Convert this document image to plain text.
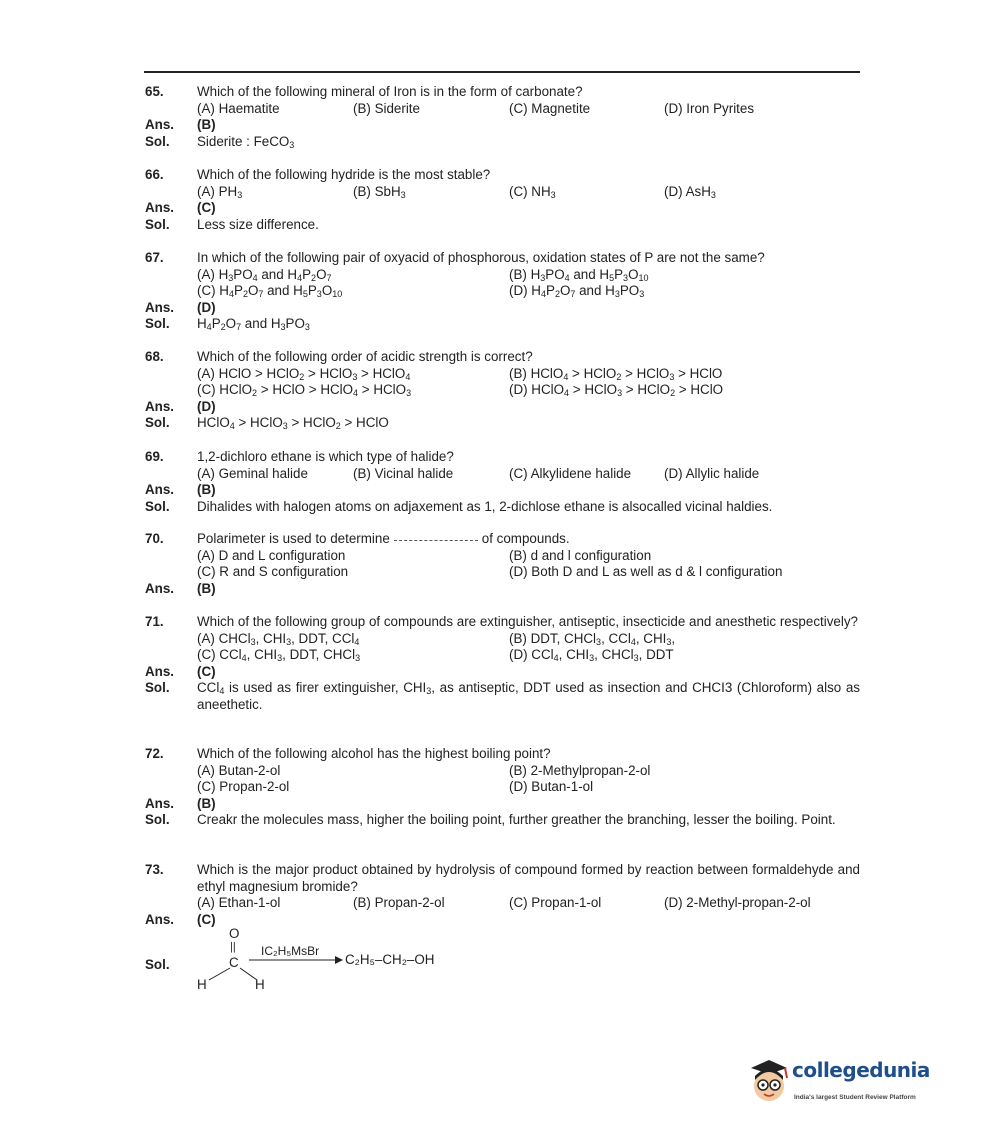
65. Which of the following mineral of Iron is in the form of carbonate?
(A) Haematite	(B) Siderite	(C) Magnetite	(D) Iron Pyrites
Ans. (B)
Sol. Siderite : FeCO$_3$
66. Which of the following hydride is the most stable?
(A) $PH_3$	(B) SbH$_3$	(C) $NH_3$	(D) AsH$_3$
Ans. (C)
Sol. Less size difference.
67. In which of the following pair of oxyacid of phosphorous, oxidation states of P are not the same?
(A) $H_3PO_4$ and $H_4P_2O_7$	(B) $H_3PO_4$ and $H_5P_3O_{10}$
(C) $H_4P_2O_7$ and $H_5P_3O_{10}$	(D) $H_4P_2O_7$ and $H_3PO_3$
Ans. (D)
Sol. $H_4P_2O_7$ and $H_3PO_3$
68. Which of the following order of acidic strength is correct?
(A) HClO > HClO$_2$ > HClO$_3$ > HClO$_4$	(B) HClO$_4$ > HClO$_2$ > HClO$_3$ > HClO
(C) HClO$_2$ > HClO > HClO$_4$ > HClO$_3$	(D) HClO$_4$ > HClO$_3$ > HClO$_2$ > HClO
Ans. (D)
Sol. HClO$_4$ > HClO$_3$ > HClO$_2$ > HClO
69. 1,2-dichloro ethane is which type of halide?
(A) Geminal halide	(B) Vicinal halide	(C) Alkylidene halide (D) Allylic halide
Ans. (B)
Sol. Dihalides with halogen atoms on adjaxement as 1, 2-dichlose ethane is alsocalled vicinal haldies.
70. Polarimeter is used to determine	of compounds.
(A) D and L configuration	(B) d and l configuration
(C) R and S configuration	(D) Both D and L as well as d & l configuration
Ans. (B)
71. Which of the following group of compounds are extinguisher, antiseptic, insecticide and anesthetic respectively?
(A) CHCl$_3$, $CHI_3$, DDT, CCl$_4$	(B) DDT, CHCl$_3$, CCl$_4$, $CHI_3$,
(C) CCl$_4$, $CHI_3$, DDT, CHCl$_3$	(D) CCl$_4$, $CHI_3$, CHCl$_3$, DDT
Ans. (C)
Sol. CCl$_4$ is used as firer extinguisher, $CHI_3$, as antiseptic, DDT used as insection and CHCI3 (Chloroform) also as aneethetic.
72. Which of the following alcohol has the highest boiling point?
(A) Butan-2-ol	(B) 2-Methylpropan-2-ol
(C) Propan-2-ol	(D) Butan-1-ol
Ans. (B)
Sol. Creakr the molecules mass, higher the boiling point, further greather the branching, lesser the boiling. Point.
73. Which is the major product obtained by hydrolysis of compound formed by reaction between formaldehyde and ethyl magnesium bromide?
(A) Ethan-1-ol	(B) Propan-2-ol	(C) Propan-1-ol	(D) 2-Methyl-propan-2-ol
Ans. (C)
Sol.
O
||
C
H	H
IC₂H₅MsBr
C₂H₅–CH₂–OH
collegedunia
India's largest Student Review Platform
